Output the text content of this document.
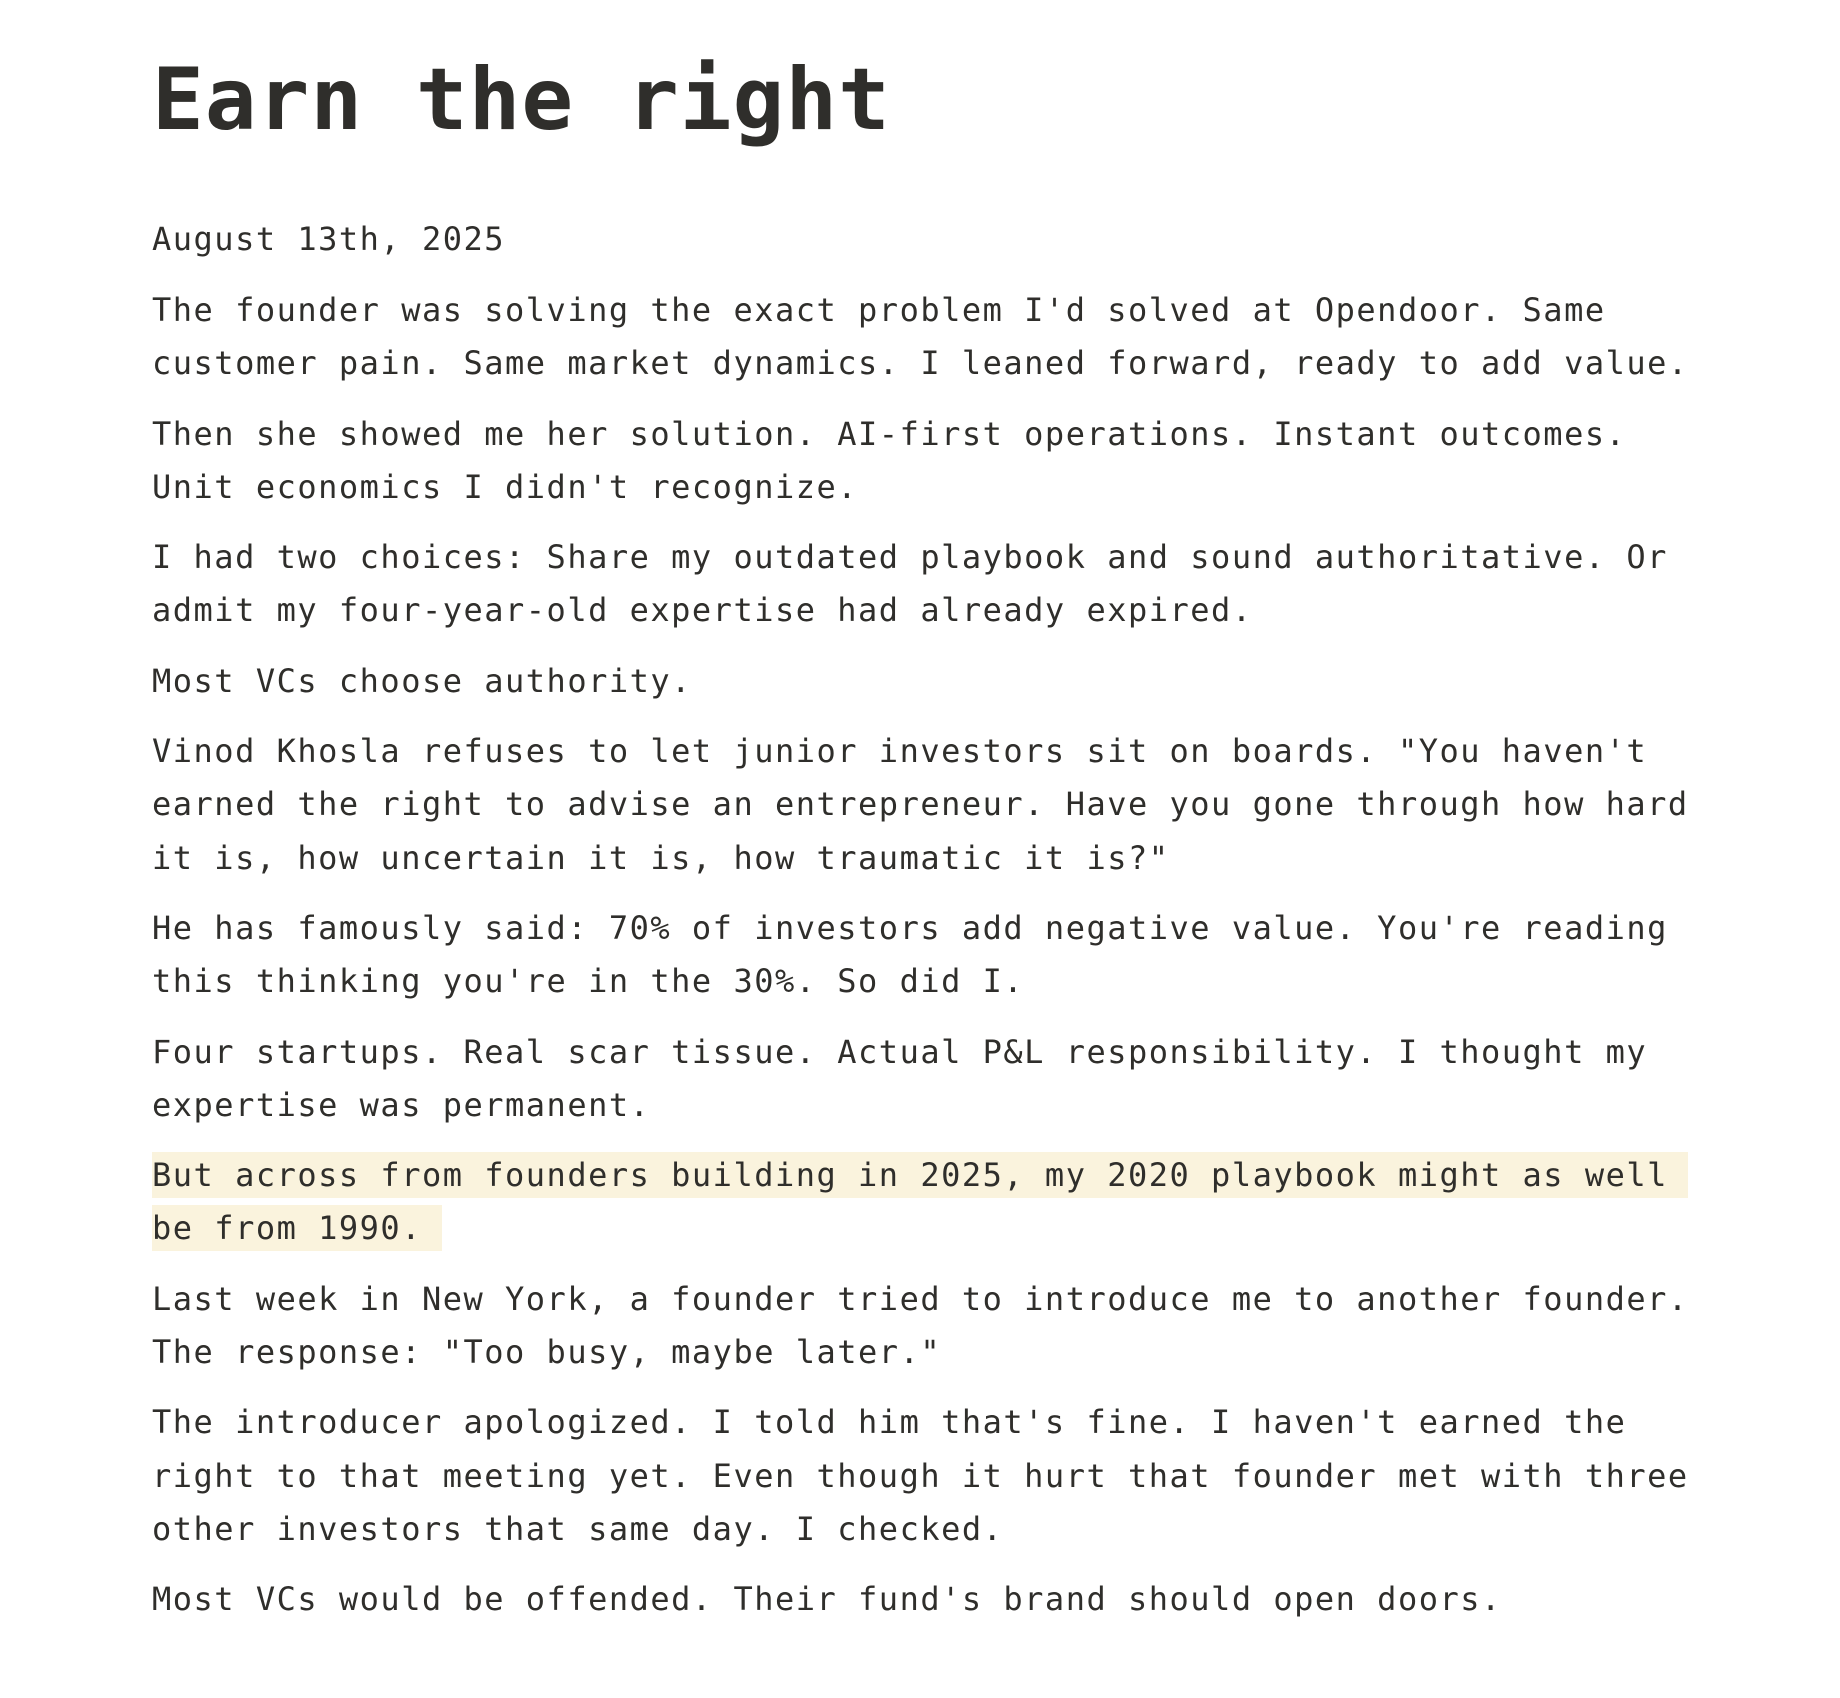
Earn the right
August 13th, 2025

The founder was solving the exact problem I'd solved at Opendoor. Same customer pain. Same market dynamics. I leaned forward, ready to add value.

Then she showed me her solution. AI-first operations. Instant outcomes. Unit economics I didn't recognize.

I had two choices: Share my outdated playbook and sound authoritative. Or admit my four-year-old expertise had already expired.

Most VCs choose authority.

Vinod Khosla refuses to let junior investors sit on boards. "You haven't earned the right to advise an entrepreneur. Have you gone through how hard it is, how uncertain it is, how traumatic it is?"

He has famously said: 70% of investors add negative value. You're reading this thinking you're in the 30%. So did I.

Four startups. Real scar tissue. Actual P&L responsibility. I thought my expertise was permanent.

But across from founders building in 2025, my 2020 playbook might as well be from 1990.

Last week in New York, a founder tried to introduce me to another founder. The response: "Too busy, maybe later."

The introducer apologized. I told him that's fine. I haven't earned the right to that meeting yet. Even though it hurt that founder met with three other investors that same day. I checked.

Most VCs would be offended. Their fund's brand should open doors.
